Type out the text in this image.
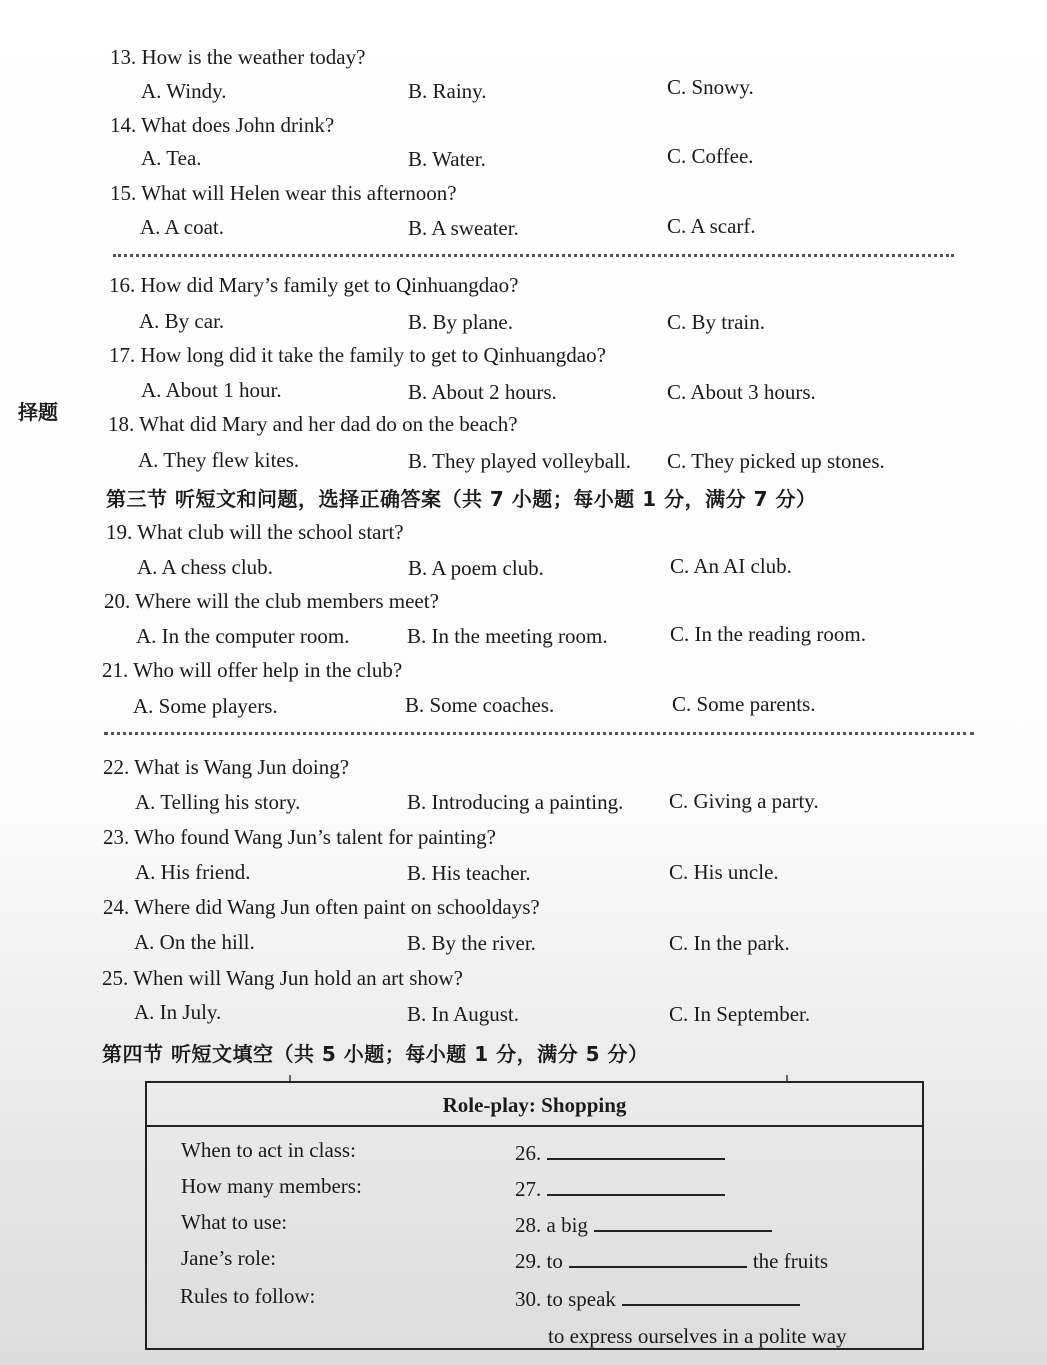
择题
13. How is the weather today?
A. Windy.	B. Rainy.	C. Snowy.
14. What does John drink?
A. Tea.	B. Water.	C. Coffee.
15. What will Helen wear this afternoon?
A. A coat.	B. A sweater.	C. A scarf.
16. How did Mary’s family get to Qinhuangdao?
A. By car.	B. By plane.	C. By train.
17. How long did it take the family to get to Qinhuangdao?
A. About 1 hour.	B. About 2 hours.	C. About 3 hours.
18. What did Mary and her dad do on the beach?
A. They flew kites.	B. They played volleyball. C. They picked up stones.
第三节 听短文和问题，选择正确答案（共 7 小题；每小题 1 分，满分 7 分）
19. What club will the school start?
A. A chess club.	B. A poem club.	C. An AI club.
20. Where will the club members meet?
A. In the computer room.	B. In the meeting room.	C. In the reading room.
21. Who will offer help in the club?
A. Some players.	B. Some coaches.	C. Some parents.
22. What is Wang Jun doing?
A. Telling his story.	B. Introducing a painting. C. Giving a party.
23. Who found Wang Jun’s talent for painting?
A. His friend.	B. His teacher.	C. His uncle.
24. Where did Wang Jun often paint on schooldays?
A. On the hill.	B. By the river.	C. In the park.
25. When will Wang Jun hold an art show?
A. In July.	B. In August.	C. In September.
第四节 听短文填空（共 5 小题；每小题 1 分，满分 5 分）
Role-play: Shopping
When to act in class:	26.
How many members:	27.
What to use:	28. a big
Jane’s role:	29. to	the fruits
Rules to follow:	30. to speak
to express ourselves in a polite way
